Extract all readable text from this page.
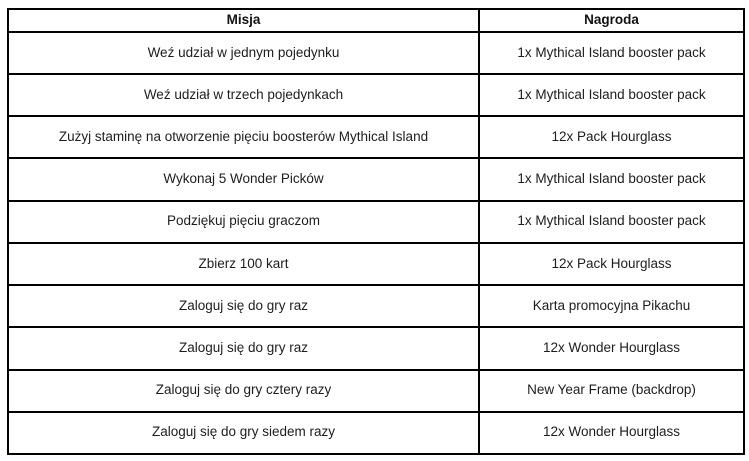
Misja	Nagroda
Weź udział w jednym pojedynku	1x Mythical Island booster pack
Weź udział w trzech pojedynkach	1x Mythical Island booster pack
Zużyj staminę na otworzenie pięciu boosterów Mythical Island	12x Pack Hourglass
Wykonaj 5 Wonder Picków	1x Mythical Island booster pack
Podziękuj pięciu graczom	1x Mythical Island booster pack
Zbierz 100 kart	12x Pack Hourglass
Zaloguj się do gry raz	Karta promocyjna Pikachu
Zaloguj się do gry raz	12x Wonder Hourglass
Zaloguj się do gry cztery razy	New Year Frame (backdrop)
Zaloguj się do gry siedem razy	12x Wonder Hourglass
